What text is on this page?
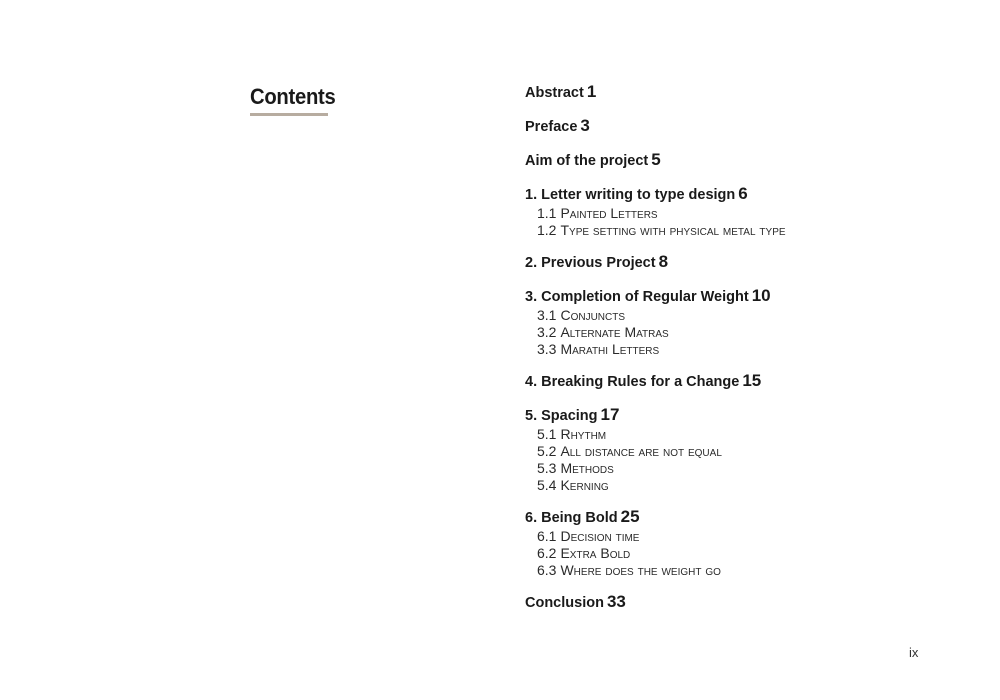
Contents	Abstract 1
Preface 3
Aim of the project 5
1. Letter writing to type design 6
1.1 Painted Letters
1.2 Type setting with physical metal type
2. Previous Project 8
3. Completion of Regular Weight 10
3.1 Conjuncts
3.2 Alternate Matras
3.3 Marathi Letters
4. Breaking Rules for a Change 15
5. Spacing 17
5.1 Rhythm
5.2 All distance are not equal
5.3 Methods
5.4 Kerning
6. Being Bold 25
6.1 Decision time
6.2 Extra Bold
6.3 Where does the weight go
Conclusion 33
ix
